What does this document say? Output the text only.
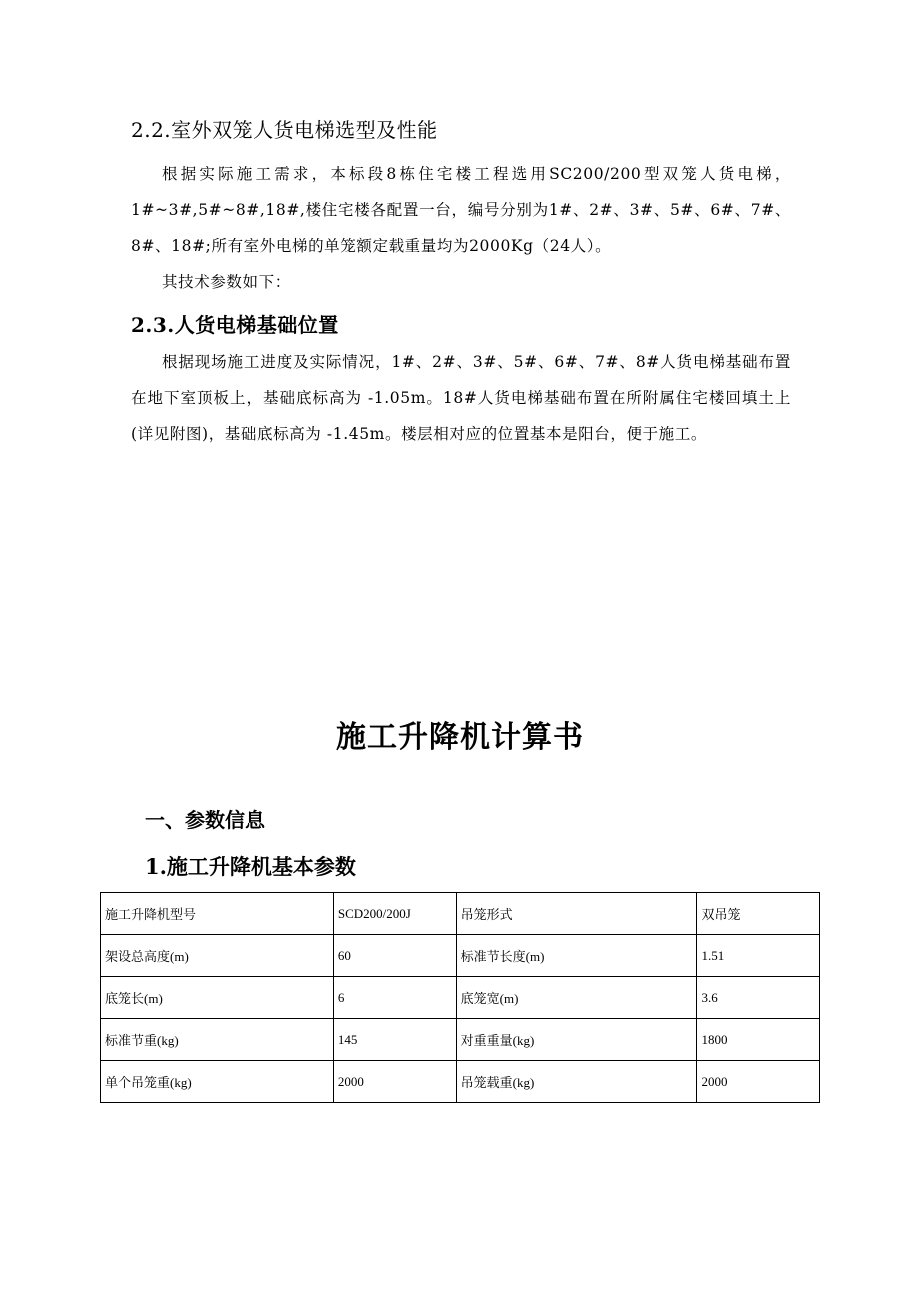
2.2.室外双笼人货电梯选型及性能

根据实际施工需求，本标段8栋住宅楼工程选用SC200/200型双笼人货电梯，1#~3#,5#~8#,18#,楼住宅楼各配置一台，编号分别为1#、2#、3#、5#、6#、7#、8#、18#;所有室外电梯的单笼额定载重量均为2000Kg（24人）。

其技术参数如下：

2.3.人货电梯基础位置

根据现场施工进度及实际情况，1#、2#、3#、5#、6#、7#、8#人货电梯基础布置在地下室顶板上，基础底标高为 -1.05m。18#人货电梯基础布置在所附属住宅楼回填土上(详见附图)，基础底标高为 -1.45m。楼层相对应的位置基本是阳台，便于施工。

施工升降机计算书
一、参数信息
1.施工升降机基本参数
施工升降机型号	SCD200/200J	吊笼形式	双吊笼
架设总高度(m)	60	标准节长度(m)	1.51
底笼长(m)	6	底笼宽(m)	3.6
标准节重(kg)	145	对重重量(kg)	1800
单个吊笼重(kg)	2000	吊笼载重(kg)	2000
